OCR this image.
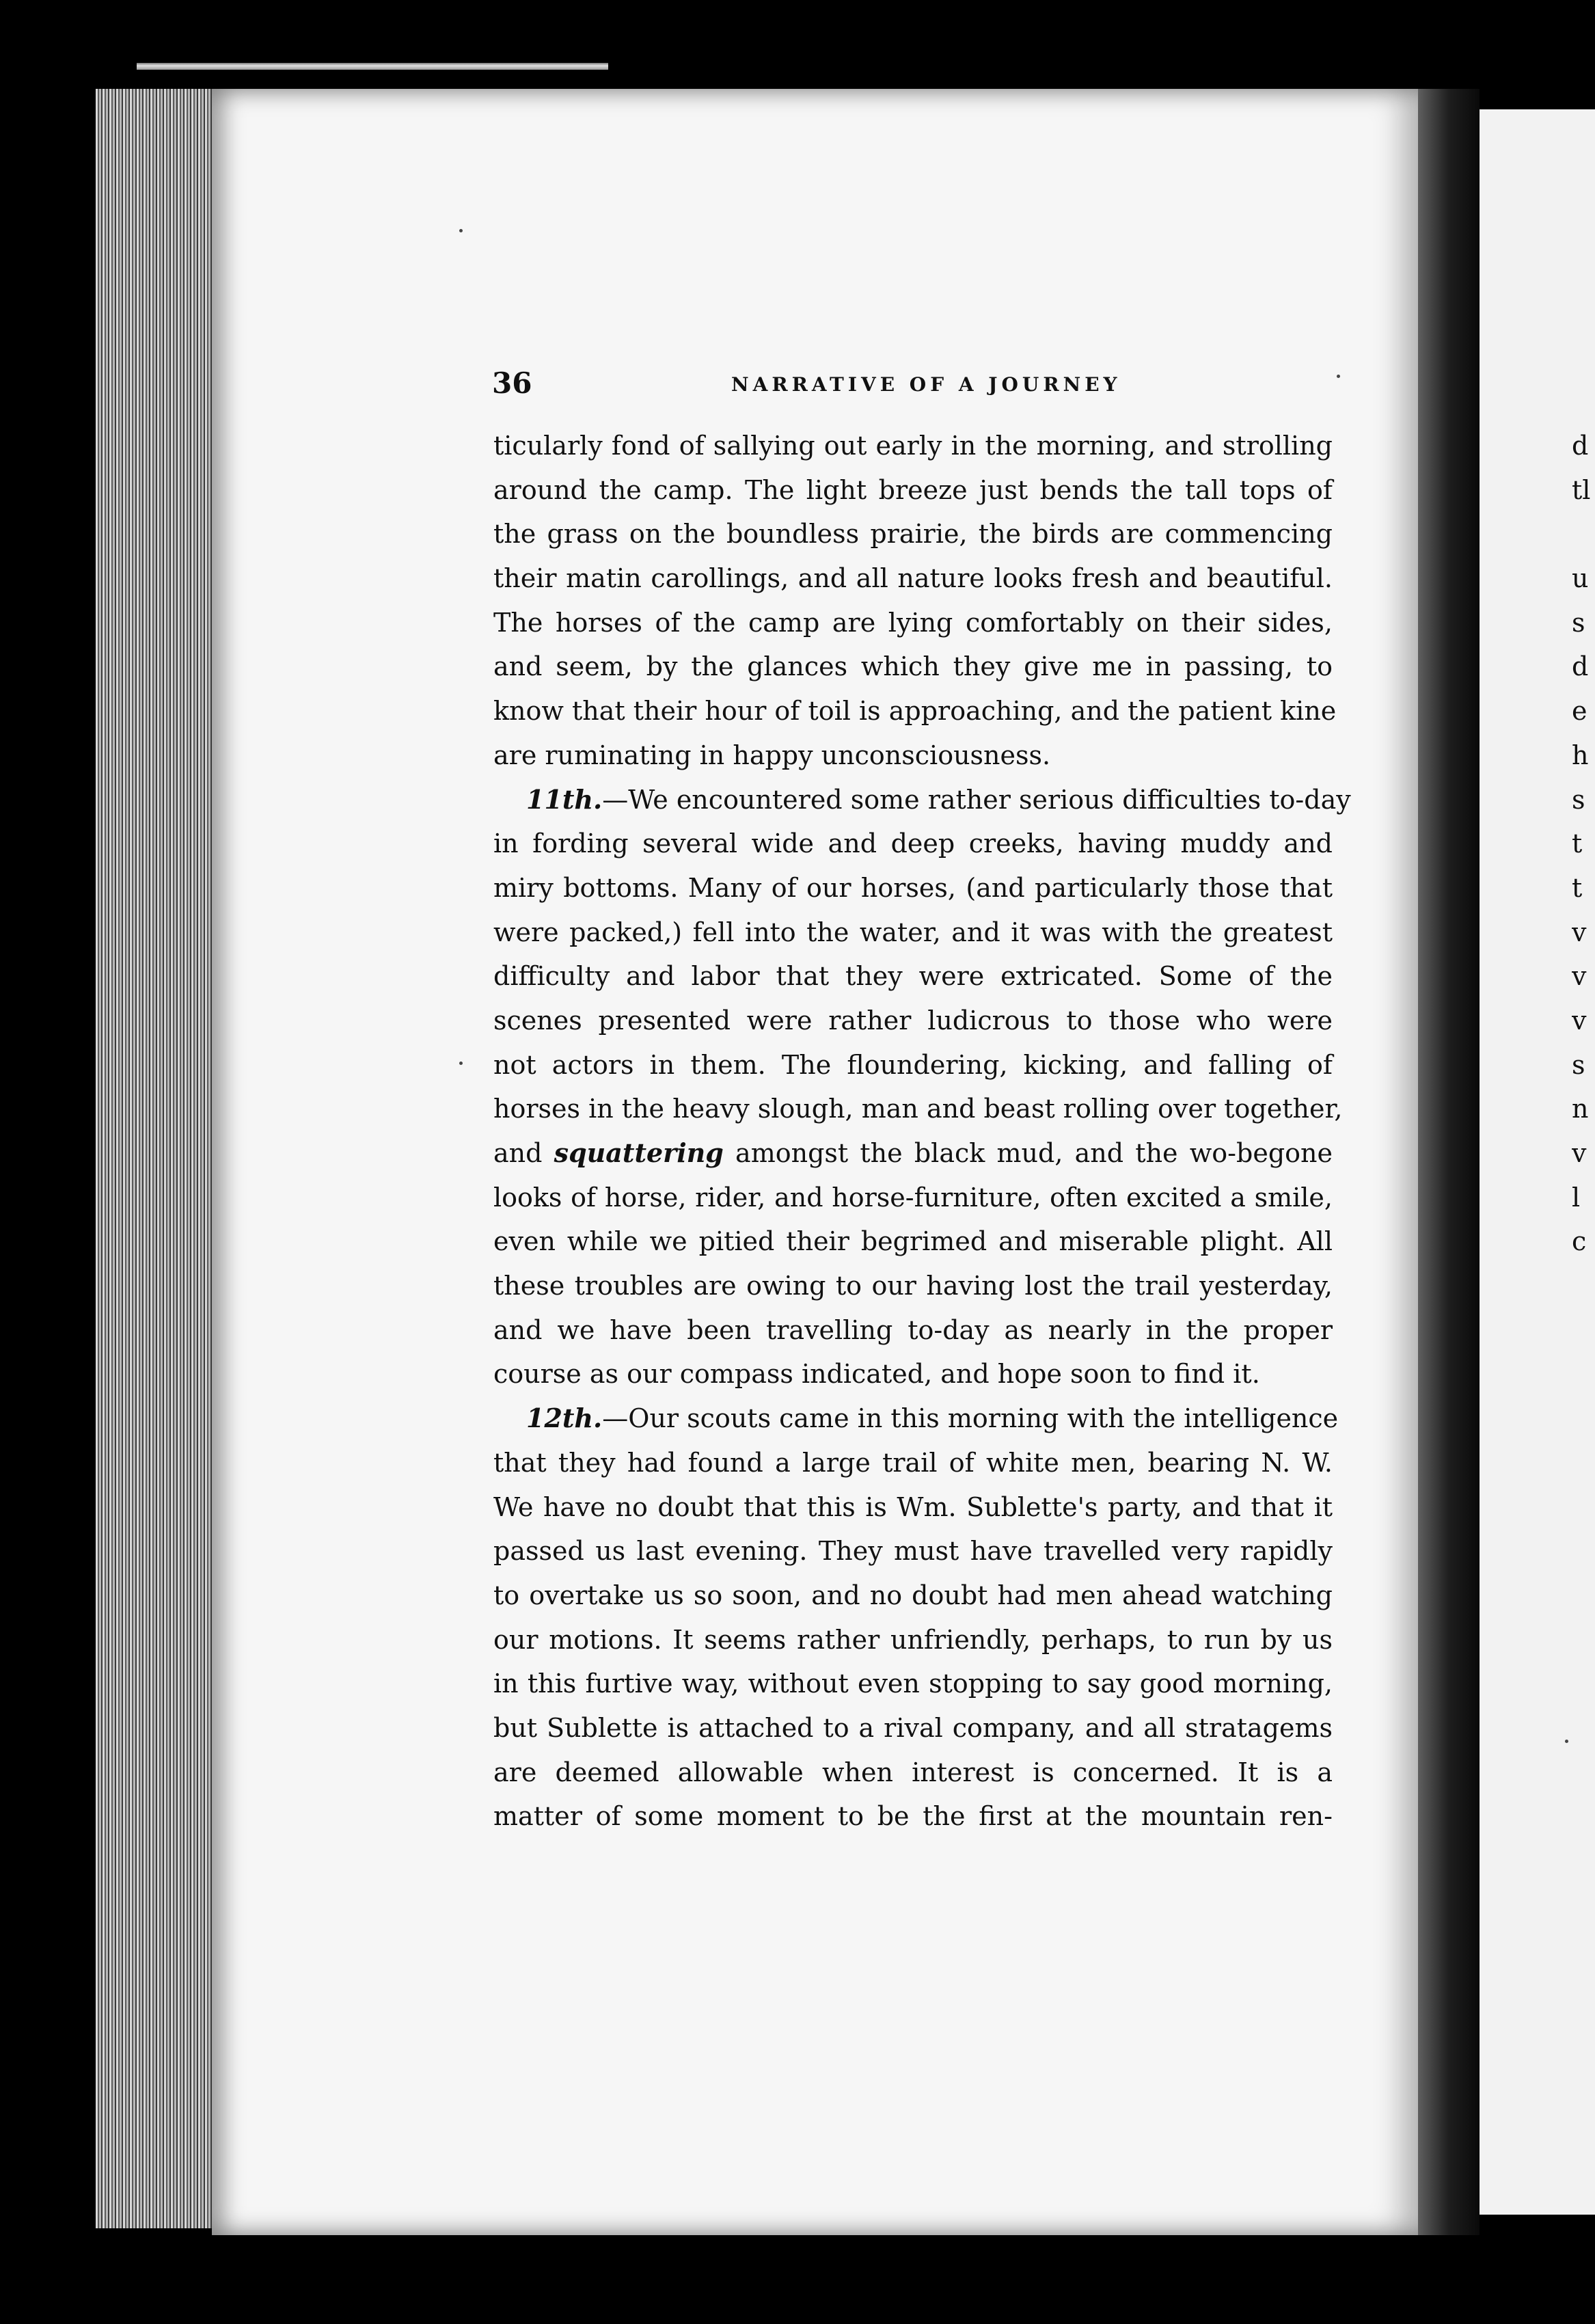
36	NARRATIVE OF A JOURNEY
ticularly fond of sallying out early in the morning, and strolling
around the camp. The light breeze just bends the tall tops of
the grass on the boundless prairie, the birds are commencing
their matin carollings, and all nature looks fresh and beautiful.
The horses of the camp are lying comfortably on their sides,
and seem, by the glances which they give me in passing, to
know that their hour of toil is approaching, and the patient kine
are ruminating in happy unconsciousness.
11th.—We encountered some rather serious difficulties to-day
in fording several wide and deep creeks, having muddy and
miry bottoms. Many of our horses, (and particularly those that
were packed,) fell into the water, and it was with the greatest
difficulty and labor that they were extricated. Some of the
scenes presented were rather ludicrous to those who were
not actors in them. The floundering, kicking, and falling of
horses in the heavy slough, man and beast rolling over together,
and squattering amongst the black mud, and the wo-begone
looks of horse, rider, and horse-furniture, often excited a smile,
even while we pitied their begrimed and miserable plight. All
these troubles are owing to our having lost the trail yesterday,
and we have been travelling to-day as nearly in the proper
course as our compass indicated, and hope soon to find it.
12th.—Our scouts came in this morning with the intelligence
that they had found a large trail of white men, bearing N. W.
We have no doubt that this is Wm. Sublette's party, and that it
passed us last evening. They must have travelled very rapidly
to overtake us so soon, and no doubt had men ahead watching
our motions. It seems rather unfriendly, perhaps, to run by us
in this furtive way, without even stopping to say good morning,
but Sublette is attached to a rival company, and all stratagems
are deemed allowable when interest is concerned. It is a
matter of some moment to be the first at the mountain ren-
d
tl
u
s
d
e
h
s
t
t
v
v
v
s
n
v
l
c
